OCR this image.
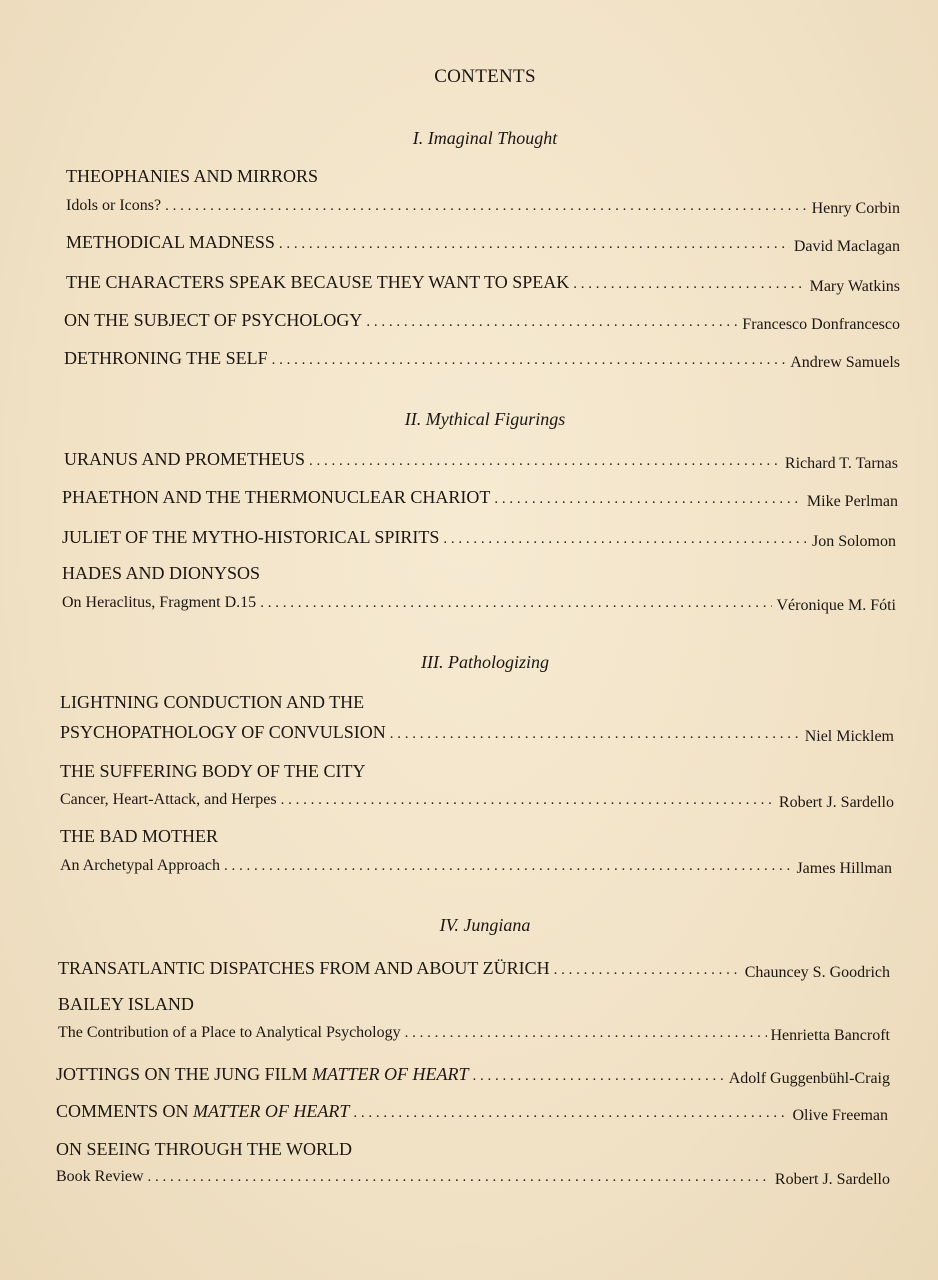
CONTENTS
I. Imaginal Thought
THEOPHANIES AND MIRRORS
Idols or Icons? . . .	Henry Corbin
METHODICAL MADNESS . . .	David Maclagan
THE CHARACTERS SPEAK BECAUSE THEY WANT TO SPEAK . . .	Mary Watkins
ON THE SUBJECT OF PSYCHOLOGY . . .	Francesco Donfrancesco
DETHRONING THE SELF . . .	Andrew Samuels
II. Mythical Figurings
URANUS AND PROMETHEUS . . .	Richard T. Tarnas
PHAETHON AND THE THERMONUCLEAR CHARIOT . . .	Mike Perlman
JULIET OF THE MYTHO-HISTORICAL SPIRITS . . .	Jon Solomon
HADES AND DIONYSOS
On Heraclitus, Fragment D.15 . . .	Véronique M. Fóti
III. Pathologizing
LIGHTNING CONDUCTION AND THE
PSYCHOPATHOLOGY OF CONVULSION . . .	Niel Micklem
THE SUFFERING BODY OF THE CITY
Cancer, Heart-Attack, and Herpes . . .	Robert J. Sardello
THE BAD MOTHER
An Archetypal Approach . . .	James Hillman
IV. Jungiana
TRANSATLANTIC DISPATCHES FROM AND ABOUT ZÜRICH . . .	Chauncey S. Goodrich
BAILEY ISLAND
The Contribution of a Place to Analytical Psychology . . .	Henrietta Bancroft
JOTTINGS ON THE JUNG FILM MATTER OF HEART . . .	Adolf Guggenbühl-Craig
COMMENTS ON MATTER OF HEART . . .	Olive Freeman
ON SEEING THROUGH THE WORLD
Book Review . . .	Robert J. Sardello
